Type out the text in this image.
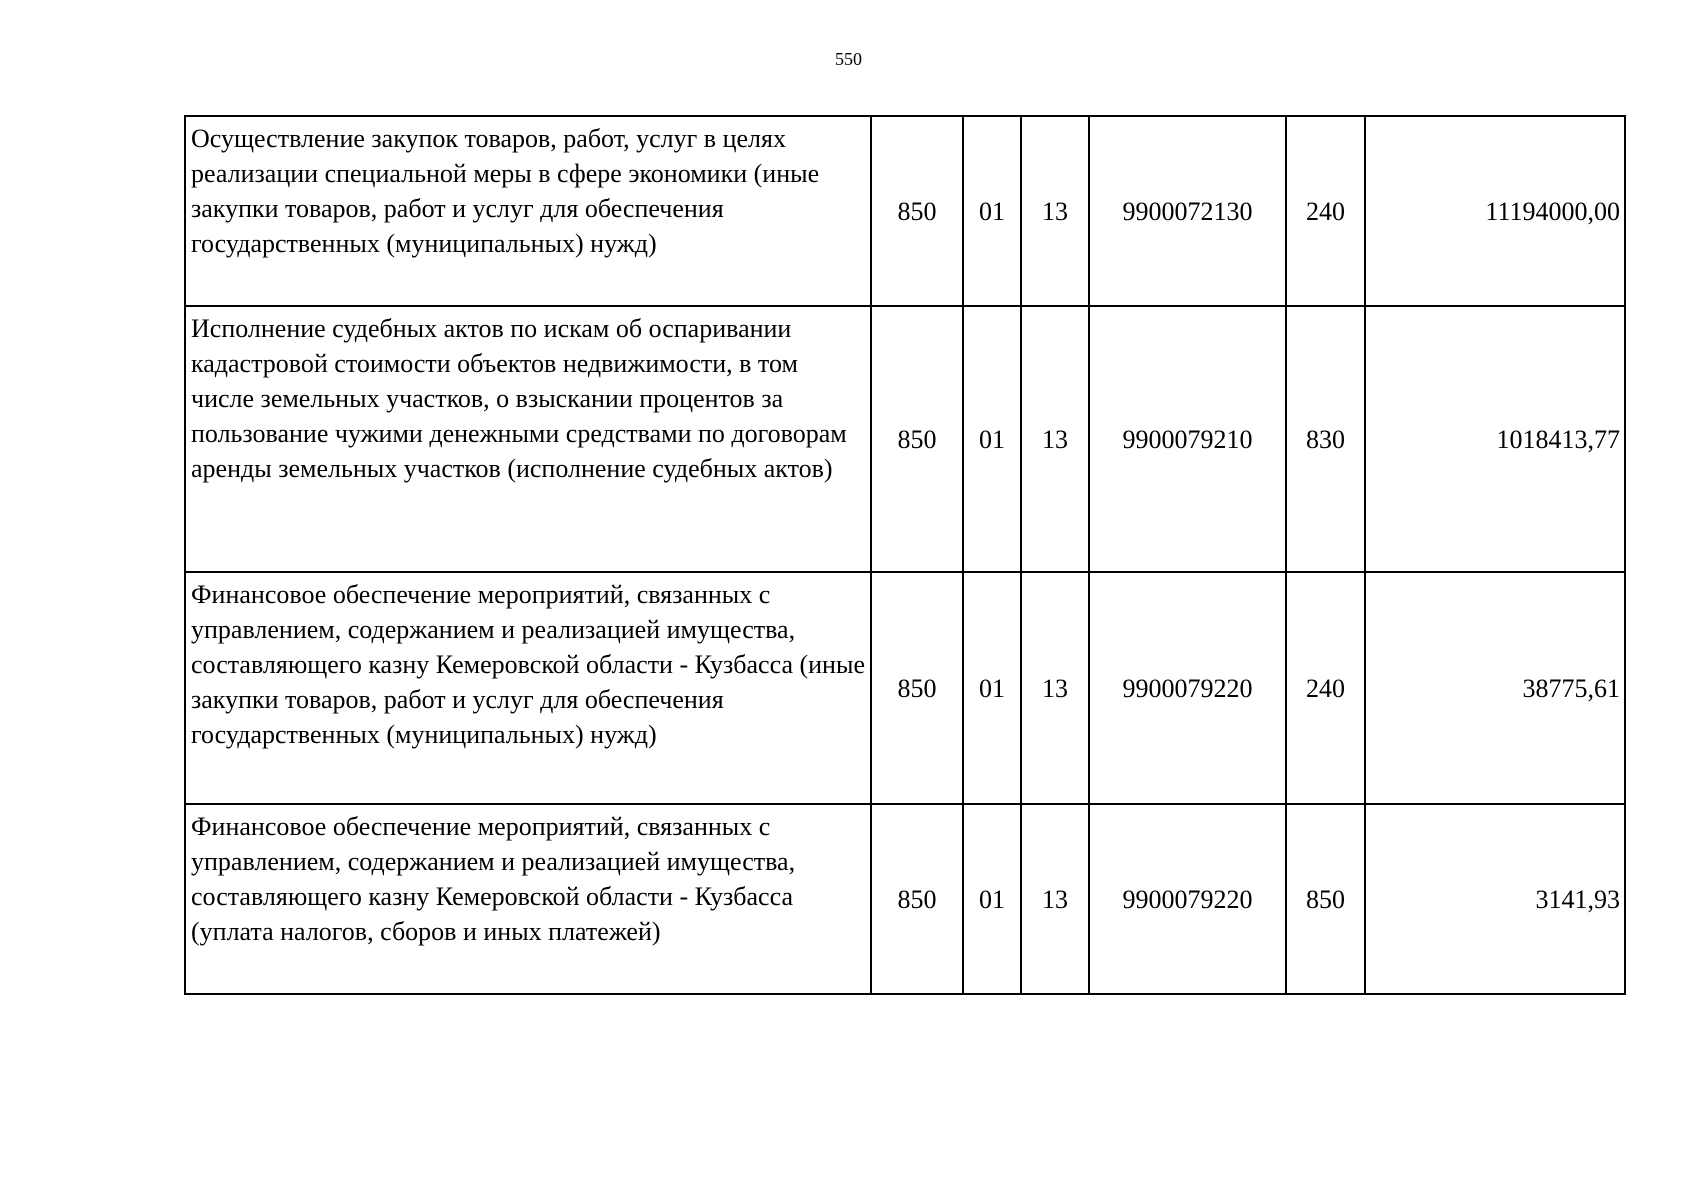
550
Осуществление закупок товаров, работ, услуг в целях реализации специальной меры в сфере экономики (иные закупки товаров, работ и услуг для обеспечения государственных (муниципальных) нужд)	850	01	13	9900072130	240	11194000,00
Исполнение судебных актов по искам об оспаривании кадастровой стоимости объектов недвижимости, в том числе земельных участков, о взыскании процентов за пользование чужими денежными средствами по договорам аренды земельных участков (исполнение судебных актов)	850	01	13	9900079210	830	1018413,77
Финансовое обеспечение мероприятий, связанных с управлением, содержанием и реализацией имущества, составляющего казну Кемеровской области - Кузбасса (иные закупки товаров, работ и услуг для обеспечения государственных (муниципальных) нужд)	850	01	13	9900079220	240	38775,61
Финансовое обеспечение мероприятий, связанных с управлением, содержанием и реализацией имущества, составляющего казну Кемеровской области - Кузбасса (уплата налогов, сборов и иных платежей)	850	01	13	9900079220	850	3141,93
